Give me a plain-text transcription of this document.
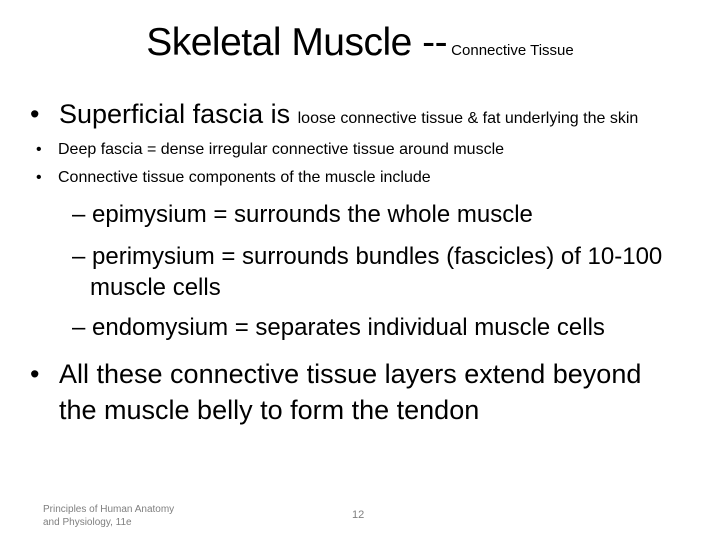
Skeletal Muscle -- Connective Tissue
• Superficial fascia is loose connective tissue & fat underlying the skin
• Deep fascia = dense irregular connective tissue around muscle
• Connective tissue components of the muscle include
– epimysium = surrounds the whole muscle
– perimysium = surrounds bundles (fascicles) of 10-100
muscle cells
– endomysium = separates individual muscle cells
• All these connective tissue layers extend beyond
the muscle belly to form the tendon
Principles of Human Anatomy
and Physiology, 11e
12
